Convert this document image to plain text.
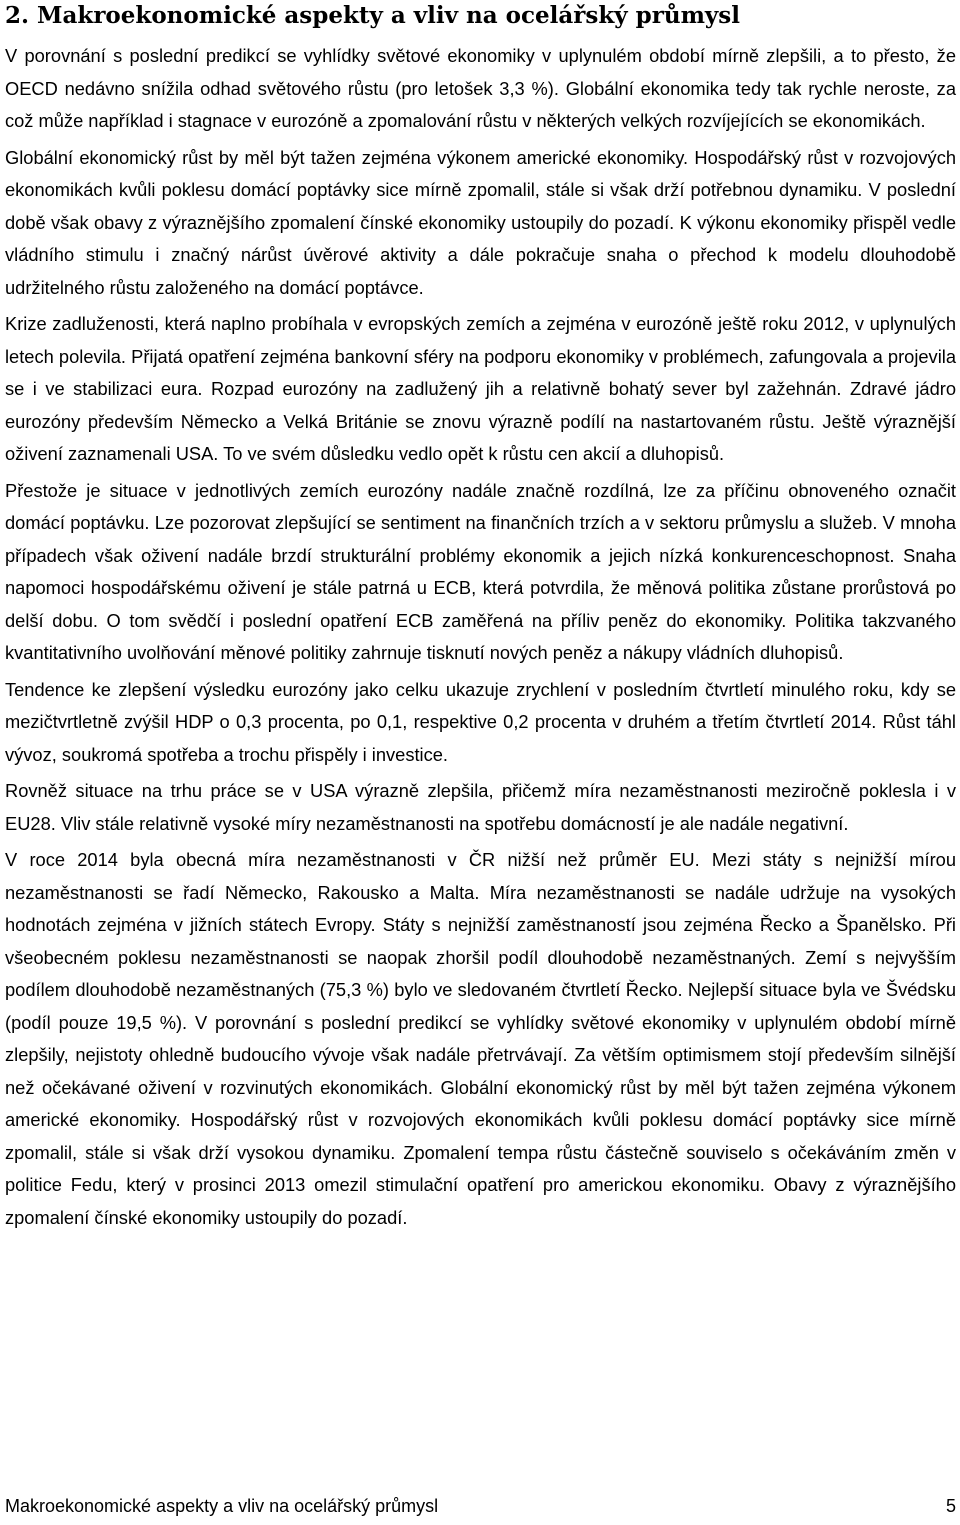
2. Makroekonomické aspekty a vliv na ocelářský průmysl

V porovnání s poslední predikcí se vyhlídky světové ekonomiky v uplynulém období mírně zlepšili, a to přesto, že OECD nedávno snížila odhad světového růstu (pro letošek 3,3 %). Globální ekonomika tedy tak rychle neroste, za což může například i stagnace v eurozóně a zpomalování růstu v některých velkých rozvíjejících se ekonomikách.

Globální ekonomický růst by měl být tažen zejména výkonem americké ekonomiky. Hospodářský růst v rozvojových ekonomikách kvůli poklesu domácí poptávky sice mírně zpomalil, stále si však drží potřebnou dynamiku. V poslední době však obavy z výraznějšího zpomalení čínské ekonomiky ustoupily do pozadí. K výkonu ekonomiky přispěl vedle vládního stimulu i značný nárůst úvěrové aktivity a dále pokračuje snaha o přechod k modelu dlouhodobě udržitelného růstu založeného na domácí poptávce.

Krize zadluženosti, která naplno probíhala v evropských zemích a zejména v eurozóně ještě roku 2012, v uplynulých letech polevila. Přijatá opatření zejména bankovní sféry na podporu ekonomiky v problémech, zafungovala a projevila se i ve stabilizaci eura. Rozpad eurozóny na zadlužený jih a relativně bohatý sever byl zažehnán. Zdravé jádro eurozóny především Německo a Velká Británie se znovu výrazně podílí na nastartovaném růstu. Ještě výraznější oživení zaznamenali USA. To ve svém důsledku vedlo opět k růstu cen akcií a dluhopisů.

Přestože je situace v jednotlivých zemích eurozóny nadále značně rozdílná, lze za příčinu obnoveného označit domácí poptávku. Lze pozorovat zlepšující se sentiment na finančních trzích a v sektoru průmyslu a služeb. V mnoha případech však oživení nadále brzdí strukturální problémy ekonomik a jejich nízká konkurenceschopnost. Snaha napomoci hospodářskému oživení je stále patrná u ECB, která potvrdila, že měnová politika zůstane prorůstová po delší dobu. O tom svědčí i poslední opatření ECB zaměřená na příliv peněz do ekonomiky. Politika takzvaného kvantitativního uvolňování měnové politiky zahrnuje tisknutí nových peněz a nákupy vládních dluhopisů.

Tendence ke zlepšení výsledku eurozóny jako celku ukazuje zrychlení v posledním čtvrtletí minulého roku, kdy se mezičtvrtletně zvýšil HDP o 0,3 procenta, po 0,1, respektive 0,2 procenta v druhém a třetím čtvrtletí 2014. Růst táhl vývoz, soukromá spotřeba a trochu přispěly i investice.

Rovněž situace na trhu práce se v USA výrazně zlepšila, přičemž míra nezaměstnanosti meziročně poklesla i v EU28. Vliv stále relativně vysoké míry nezaměstnanosti na spotřebu domácností je ale nadále negativní.

V roce 2014 byla obecná míra nezaměstnanosti v ČR nižší než průměr EU. Mezi státy s nejnižší mírou nezaměstnanosti se řadí Německo, Rakousko a Malta. Míra nezaměstnanosti se nadále udržuje na vysokých hodnotách zejména v jižních státech Evropy. Státy s nejnižší zaměstnaností jsou zejména Řecko a Španělsko. Při všeobecném poklesu nezaměstnanosti se naopak zhoršil podíl dlouhodobě nezaměstnaných. Zemí s nejvyšším podílem dlouhodobě nezaměstnaných (75,3 %) bylo ve sledovaném čtvrtletí Řecko. Nejlepší situace byla ve Švédsku (podíl pouze 19,5 %). V porovnání s poslední predikcí se vyhlídky světové ekonomiky v uplynulém období mírně zlepšily, nejistoty ohledně budoucího vývoje však nadále přetrvávají. Za větším optimismem stojí především silnější než očekávané oživení v rozvinutých ekonomikách. Globální ekonomický růst by měl být tažen zejména výkonem americké ekonomiky. Hospodářský růst v rozvojových ekonomikách kvůli poklesu domácí poptávky sice mírně zpomalil, stále si však drží vysokou dynamiku. Zpomalení tempa růstu částečně souviselo s očekáváním změn v politice Fedu, který v prosinci 2013 omezil stimulační opatření pro americkou ekonomiku. Obavy z výraznějšího zpomalení čínské ekonomiky ustoupily do pozadí.

Makroekonomické aspekty a vliv na ocelářský průmysl	5
